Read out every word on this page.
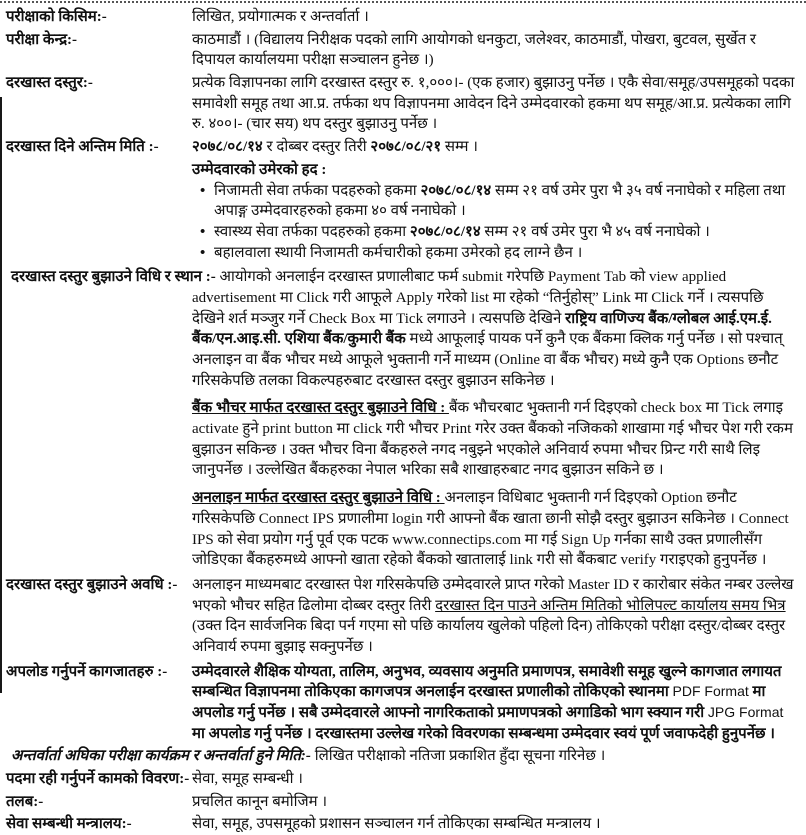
परीक्षाको किसिम:-	लिखित, प्रयोगात्मक र अन्तर्वार्ता ।
परीक्षा केन्द्र:-	काठमाडौं । (विद्यालय निरीक्षक पदको लागि आयोगको धनकुटा, जलेश्वर, काठमाडौं, पोखरा, बुटवल, सुर्खेत र दिपायल कार्यालयमा परीक्षा सञ्चालन हुनेछ ।)
दरखास्त दस्तुर:-	प्रत्येक विज्ञापनका लागि दरखास्त दस्तुर रु. १,०००।- (एक हजार) बुझाउनु पर्नेछ । एकै सेवा/समूह/उपसमूहको पदका समावेशी समूह तथा आ.प्र. तर्फका थप विज्ञापनमा आवेदन दिने उम्मेदवारको हकमा थप समूह/आ.प्र. प्रत्येकका लागि रु. ४००।- (चार सय) थप दस्तुर बुझाउनु पर्नेछ ।
दरखास्त दिने अन्तिम मिति :-	२०७८/०८/१४ र दोब्बर दस्तुर तिरी २०७८/०८/२१ सम्म ।
उम्मेदवारको उमेरको हद :
• निजामती सेवा तर्फका पदहरुको हकमा २०७८/०८/१४ सम्म २१ वर्ष उमेर पुरा भै ३५ वर्ष ननाघेको र महिला तथा अपाङ्ग उम्मेदवारहरुको हकमा ४० वर्ष ननाघेको ।
• स्वास्थ्य सेवा तर्फका पदहरुको हकमा २०७८/०८/१४ सम्म २१ वर्ष उमेर पुरा भै ४५ वर्ष ननाघेको ।
• बहालवाला स्थायी निजामती कर्मचारीको हकमा उमेरको हद लाग्ने छैन ।
दरखास्त दस्तुर बुझाउने विधि र स्थान :- आयोगको अनलाईन दरखास्त प्रणालीबाट फर्म submit गरेपछि Payment Tab को view applied advertisement मा Click गरी आफूले Apply गरेको list मा रहेको “तिर्नुहोस्” Link मा Click गर्ने । त्यसपछि देखिने शर्त मञ्जुर गर्ने Check Box मा Tick लगाउने । त्यसपछि देखिने राष्ट्रिय वाणिज्य बैंक/ग्लोबल आई.एम.ई. बैंक/एन.आइ.सी. एशिया बैंक/कुमारी बैंक मध्ये आफूलाई पायक पर्ने कुनै एक बैंकमा क्लिक गर्नु पर्नेछ । सो पश्चात् अनलाइन वा बैंक भौचर मध्ये आफूले भुक्तानी गर्ने माध्यम (Online वा बैंक भौचर) मध्ये कुनै एक Options छनौट गरिसकेपछि तलका विकल्पहरुबाट दरखास्त दस्तुर बुझाउन सकिनेछ ।
बैंक भौचर मार्फत दरखास्त दस्तुर बुझाउने विधि : बैंक भौचरबाट भुक्तानी गर्न दिइएको check box मा Tick लगाइ activate हुने print button मा click गरी भौचर Print गरेर उक्त बैंकको नजिकको शाखामा गई भौचर पेश गरी रकम बुझाउन सकिन्छ । उक्त भौचर विना बैंकहरुले नगद नबुझ्ने भएकोले अनिवार्य रुपमा भौचर प्रिन्ट गरी साथै लिइ जानुपर्नेछ । उल्लेखित बैंकहरुका नेपाल भरिका सबै शाखाहरुबाट नगद बुझाउन सकिने छ ।
अनलाइन मार्फत दरखास्त दस्तुर बुझाउने विधि : अनलाइन विधिबाट भुक्तानी गर्न दिइएको Option छनौट गरिसकेपछि Connect IPS प्रणालीमा login गरी आफ्नो बैंक खाता छानी सोझै दस्तुर बुझाउन सकिनेछ । Connect IPS को सेवा प्रयोग गर्नु पूर्व एक पटक www.connectips.com मा गई Sign Up गर्नका साथै उक्त प्रणालीसँग जोडिएका बैंकहरुमध्ये आफ्नो खाता रहेको बैंकको खातालाई link गरी सो बैंकबाट verify गराइएको हुनुपर्नेछ ।
दरखास्त दस्तुर बुझाउने अवधि :- अनलाइन माध्यमबाट दरखास्त पेश गरिसकेपछि उम्मेदवारले प्राप्त गरेको Master ID र कारोबार संकेत नम्बर उल्लेख भएको भौचर सहित ढिलोमा दोब्बर दस्तुर तिरी दरखास्त दिन पाउने अन्तिम मितिको भोलिपल्ट कार्यालय समय भित्र (उक्त दिन सार्वजनिक बिदा पर्न गएमा सो पछि कार्यालय खुलेको पहिलो दिन) तोकिएको परीक्षा दस्तुर/दोब्बर दस्तुर अनिवार्य रुपमा बुझाइ सक्नुपर्नेछ ।
अपलोड गर्नुपर्ने कागजातहरु :-	उम्मेदवारले शैक्षिक योग्यता, तालिम, अनुभव, व्यवसाय अनुमति प्रमाणपत्र, समावेशी समूह खुल्ने कागजात लगायत सम्बन्धित विज्ञापनमा तोकिएका कागजपत्र अनलाईन दरखास्त प्रणालीको तोकिएको स्थानमा PDF Format मा अपलोड गर्नु पर्नेछ । सबै उम्मेदवारले आफ्नो नागरिकताको प्रमाणपत्रको अगाडिको भाग स्क्यान गरी JPG Format मा अपलोड गर्नु पर्नेछ । दरखास्तमा उल्लेख गरेको विवरणका सम्बन्धमा उम्मेदवार स्वयं पूर्ण जवाफदेही हुनुपर्नेछ ।
अन्तर्वार्ता अघिका परीक्षा कार्यक्रम र अन्तर्वार्ता हुने मिति:- लिखित परीक्षाको नतिजा प्रकाशित हुँदा सूचना गरिनेछ ।
पदमा रही गर्नुपर्ने कामको विवरण:- सेवा, समूह सम्बन्धी ।
तलब:-	प्रचलित कानून बमोजिम ।
सेवा सम्बन्धी मन्त्रालय:-	सेवा, समूह, उपसमूहको प्रशासन सञ्चालन गर्न तोकिएका सम्बन्धित मन्त्रालय ।
